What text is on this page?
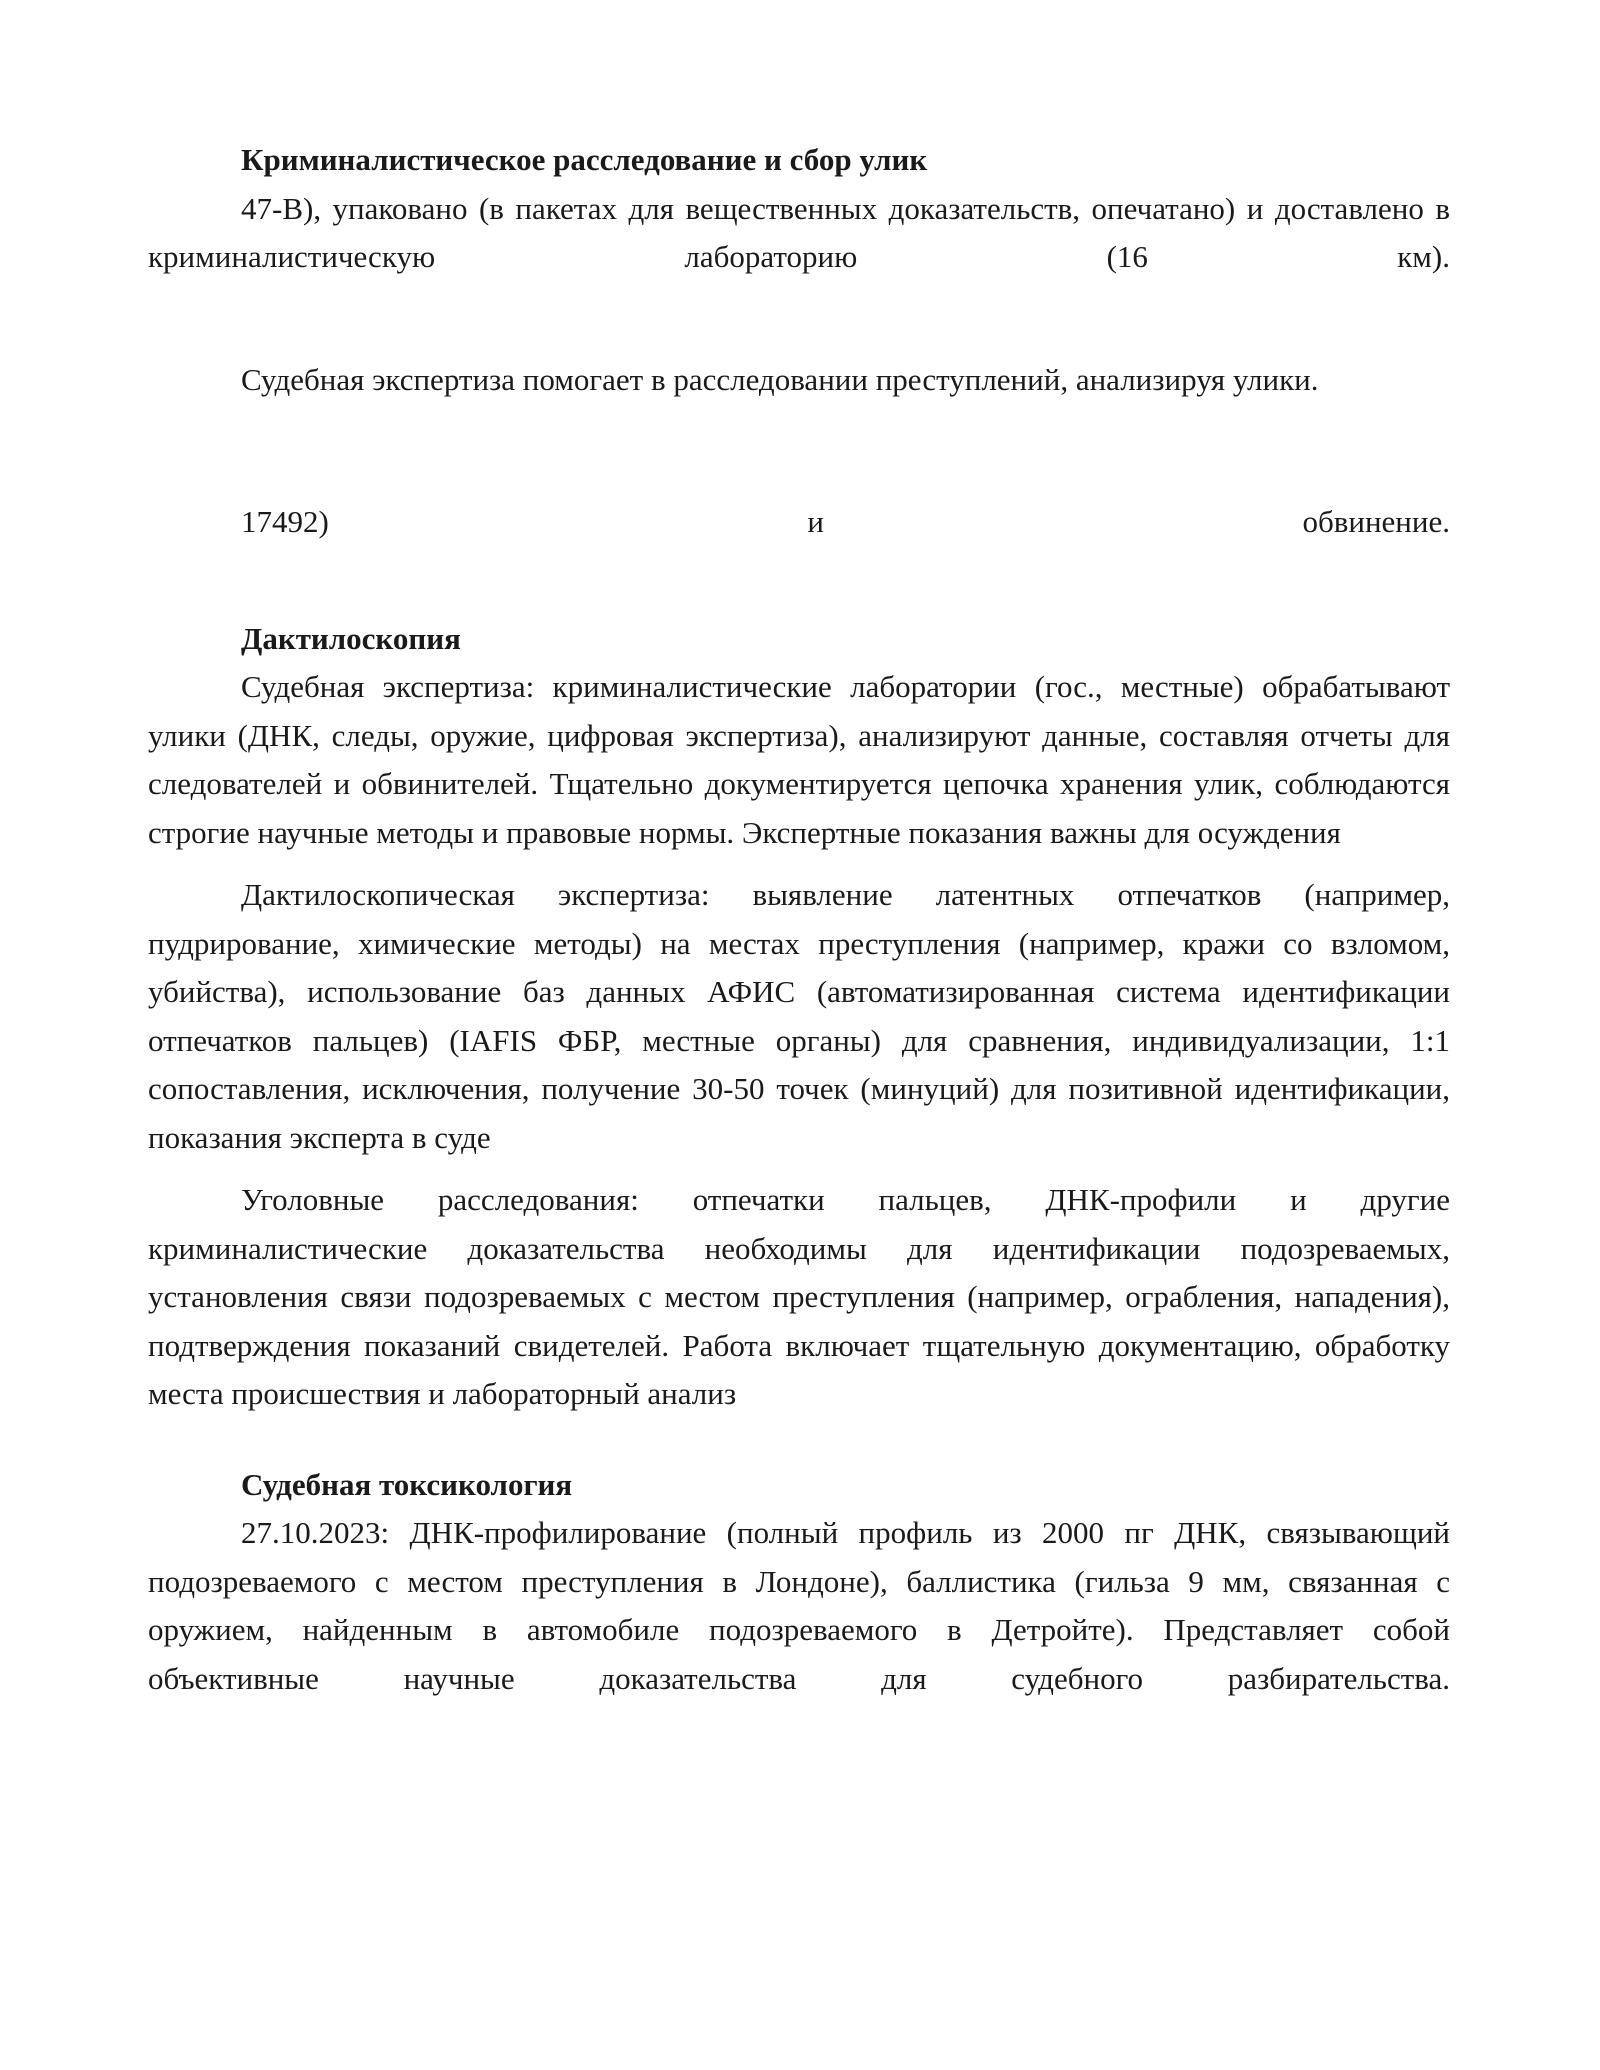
Криминалистическое расследование и сбор улик

47-В), упаковано (в пакетах для вещественных доказательств, опечатано) и доставлено в криминалистическую лабораторию (16 км).

Судебная экспертиза помогает в расследовании преступлений, анализируя улики.

17492) и обвинение.

Дактилоскопия

Судебная экспертиза: криминалистические лаборатории (гос., местные) обрабатывают улики (ДНК, следы, оружие, цифровая экспертиза), анализируют данные, составляя отчеты для следователей и обвинителей. Тщательно документируется цепочка хранения улик, соблюдаются строгие научные методы и правовые нормы. Экспертные показания важны для осуждения

Дактилоскопическая экспертиза: выявление латентных отпечатков (например, пудрирование, химические методы) на местах преступления (например, кражи со взломом, убийства), использование баз данных АФИС (автоматизированная система идентификации отпечатков пальцев) (IAFIS ФБР, местные органы) для сравнения, индивидуализации, 1:1 сопоставления, исключения, получение 30-50 точек (минуций) для позитивной идентификации, показания эксперта в суде

Уголовные расследования: отпечатки пальцев, ДНК-профили и другие криминалистические доказательства необходимы для идентификации подозреваемых, установления связи подозреваемых с местом преступления (например, ограбления, нападения), подтверждения показаний свидетелей. Работа включает тщательную документацию, обработку места происшествия и лабораторный анализ

Судебная токсикология

27.10.2023: ДНК-профилирование (полный профиль из 2000 пг ДНК, связывающий подозреваемого с местом преступления в Лондоне), баллистика (гильза 9 мм, связанная с оружием, найденным в автомобиле подозреваемого в Детройте). Представляет собой объективные научные доказательства для судебного разбирательства.
